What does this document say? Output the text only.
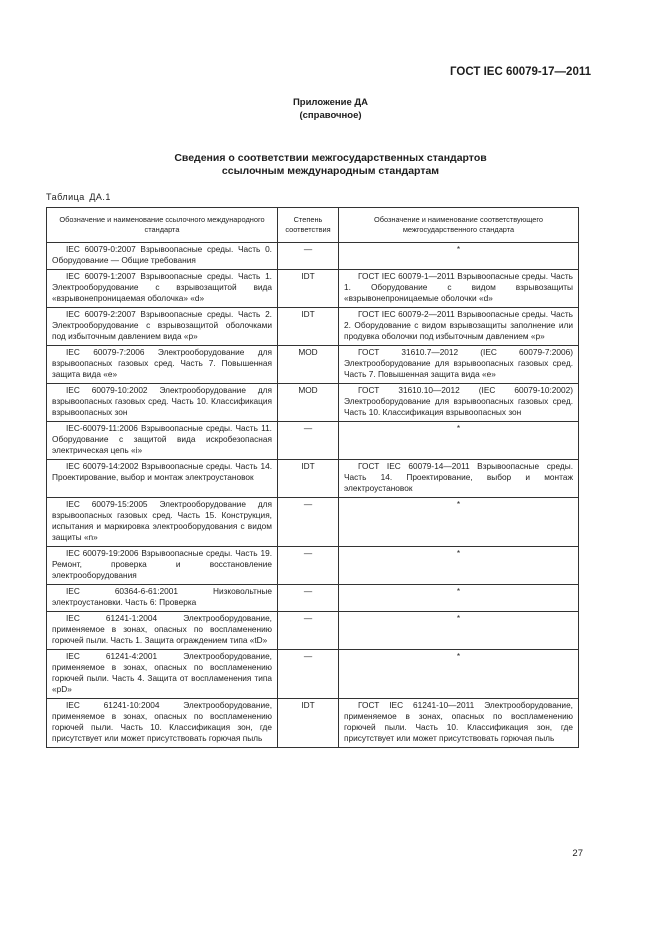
ГОСТ IEC 60079-17—2011
Приложение ДА
(справочное)
Сведения о соответствии межгосударственных стандартов
ссылочным международным стандартам
Таблица ДА.1
Обозначение и наименование ссылочного международного стандарта	Степень соответствия	Обозначение и наименование соответствующего межгосударственного стандарта
IEC 60079-0:2007 Взрывоопасные среды. Часть 0. Оборудование — Общие требования	—	*
IEC 60079-1:2007 Взрывоопасные среды. Часть 1. Электрооборудование с взрывозащитой вида «взрывонепроницаемая оболочка» «d»	IDT	ГОСТ IEC 60079-1—2011 Взрывоопасные среды. Часть 1. Оборудование с видом взрывозащиты «взрывонепроницаемые оболочки «d»
IEC 60079-2:2007 Взрывоопасные среды. Часть 2. Электрооборудование с взрывозащитой оболочками под избыточным давлением вида «p»	IDT	ГОСТ IEC 60079-2—2011 Взрывоопасные среды. Часть 2. Оборудование с видом взрывозащиты заполнение или продувка оболочки под избыточным давлением «p»
IEC 60079-7:2006 Электрооборудование для взрывоопасных газовых сред. Часть 7. Повышенная защита вида «е»	MOD	ГОСТ 31610.7—2012 (IEC 60079-7:2006) Электрооборудование для взрывоопасных газовых сред. Часть 7. Повышенная защита вида «е»
IEC 60079-10:2002 Электрооборудование для взрывоопасных газовых сред. Часть 10. Классификация взрывоопасных зон	MOD	ГОСТ 31610.10—2012 (IEC 60079-10:2002) Электрооборудование для взрывоопасных газовых сред. Часть 10. Классификация взрывоопасных зон
IEC-60079-11:2006 Взрывоопасные среды. Часть 11. Оборудование с защитой вида искробезопасная электрическая цепь «i»	—	*
IEC 60079-14:2002 Взрывоопасные среды. Часть 14. Проектирование, выбор и монтаж электроустановок	IDT	ГОСТ IEC 60079-14—2011 Взрывоопасные среды. Часть 14. Проектирование, выбор и монтаж электроустановок
IEC 60079-15:2005 Электрооборудование для взрывоопасных газовых сред. Часть 15. Конструкция, испытания и маркировка электрооборудования с видом защиты «n»	—	*
IEC 60079-19:2006 Взрывоопасные среды. Часть 19. Ремонт, проверка и восстановление электрооборудования	—	*
IEC 60364-6-61:2001 Низковольтные электроустановки. Часть 6: Проверка	—	*
IEC 61241-1:2004 Электрооборудование, применяемое в зонах, опасных по воспламенению горючей пыли. Часть 1. Защита ограждением типа «tD»	—	*
IEC 61241-4:2001 Электрооборудование, применяемое в зонах, опасных по воспламенению горючей пыли. Часть 4. Защита от воспламенения типа «pD»	—	*
IEC 61241-10:2004 Электрооборудование, применяемое в зонах, опасных по воспламенению горючей пыли. Часть 10. Классификация зон, где присутствует или может присутствовать горючая пыль	IDT	ГОСТ IEC 61241-10—2011 Электрооборудование, применяемое в зонах, опасных по воспламенению горючей пыли. Часть 10. Классификация зон, где присутствует или может присутствовать горючая пыль
27
